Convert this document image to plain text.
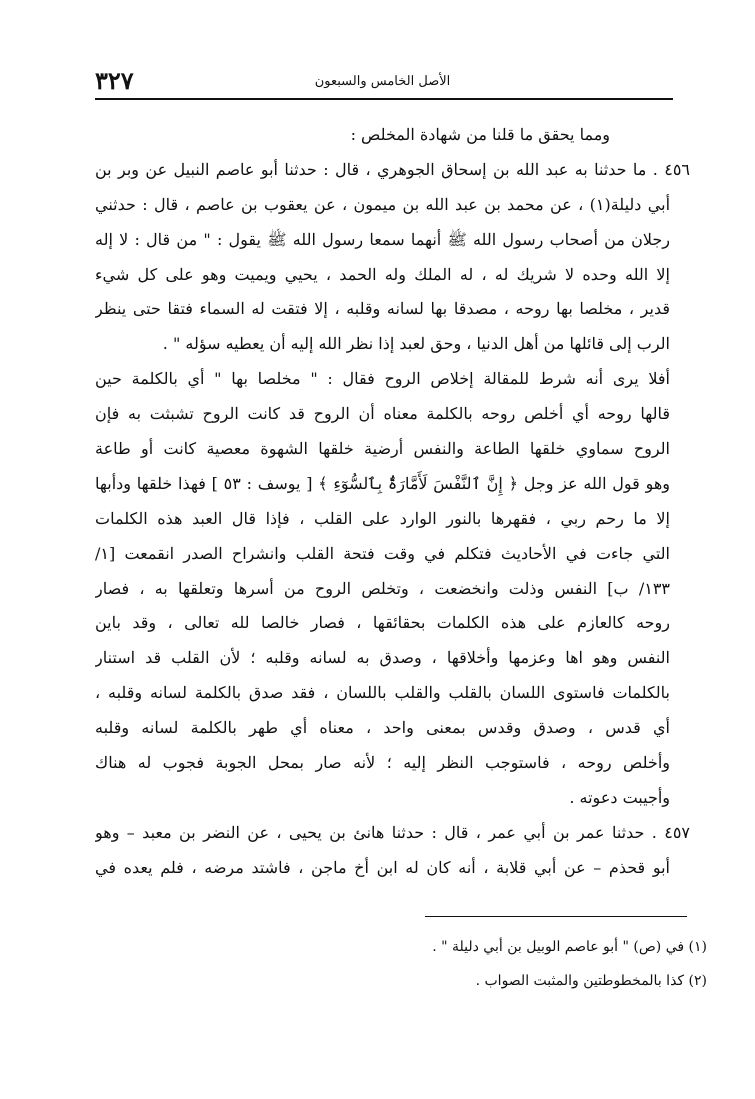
٣٢٧	الأصل الخامس والسبعون
ومما يحقق ما قلنا من شهادة المخلص :
٤٥٦ . ما حدثنا به عبد الله بن إسحاق الجوهري ، قال : حدثنا أبو عاصم النبيل عن وبر بن
أبي دليلة(١) ، عن محمد بن عبد الله بن ميمون ، عن يعقوب بن عاصم ، قال : حدثني
رجلان من أصحاب رسول الله ﷺ أنهما سمعا رسول الله ﷺ يقول : " من قال : لا إله
إلا الله وحده لا شريك له ، له الملك وله الحمد ، يحيي ويميت وهو على كل شيء
قدير ، مخلصا بها روحه ، مصدقا بها لسانه وقلبه ، إلا فتقت له السماء فتقا حتى ينظر
الرب إلى قائلها من أهل الدنيا ، وحق لعبد إذا نظر الله إليه أن يعطيه سؤله " .
أفلا يرى أنه شرط للمقالة إخلاص الروح فقال : " مخلصا بها " أي بالكلمة حين
قالها روحه أي أخلص روحه بالكلمة معناه أن الروح قد كانت الروح تشبثت به فإن
الروح سماوي خلقها الطاعة والنفس أرضية خلقها الشهوة معصية كانت أو طاعة
وهو قول الله عز وجل ﴿ إِنَّ ٱلنَّفْسَ لَأَمَّارَةٌۢ بِٱلسُّوٓءِ ﴾ [ يوسف : ٥٣ ] فهذا خلقها ودأبها
إلا ما رحم ربي ، فقهرها بالنور الوارد على القلب ، فإذا قال العبد هذه الكلمات
التي جاءت في الأحاديث فتكلم في وقت فتحة القلب وانشراح الصدر انقمعت [١/
١٣٣/ ب] النفس وذلت وانخضعت ، وتخلص الروح من أسرها وتعلقها به ، فصار
روحه كالعازم على هذه الكلمات بحقائقها ، فصار خالصا لله تعالى ، وقد باين
النفس وهو اها وعزمها وأخلاقها ، وصدق به لسانه وقلبه ؛ لأن القلب قد استنار
بالكلمات فاستوى اللسان بالقلب والقلب باللسان ، فقد صدق بالكلمة لسانه وقلبه ،
أي قدس ، وصدق وقدس بمعنى واحد ، معناه أي طهر بالكلمة لسانه وقلبه
وأخلص روحه ، فاستوجب النظر إليه ؛ لأنه صار بمحل الجوبة فجوب له هناك
وأجيبت دعوته .
٤٥٧ . حدثنا عمر بن أبي عمر ، قال : حدثنا هانئ بن يحيى ، عن النضر بن معبد – وهو
أبو قحذم – عن أبي قلابة ، أنه كان له ابن أخ ماجن ، فاشتد مرضه ، فلم يعده في
(١) في (ص) " أبو عاصم الوبيل بن أبي دليلة " .
(٢) كذا بالمخطوطتين والمثبت الصواب .
